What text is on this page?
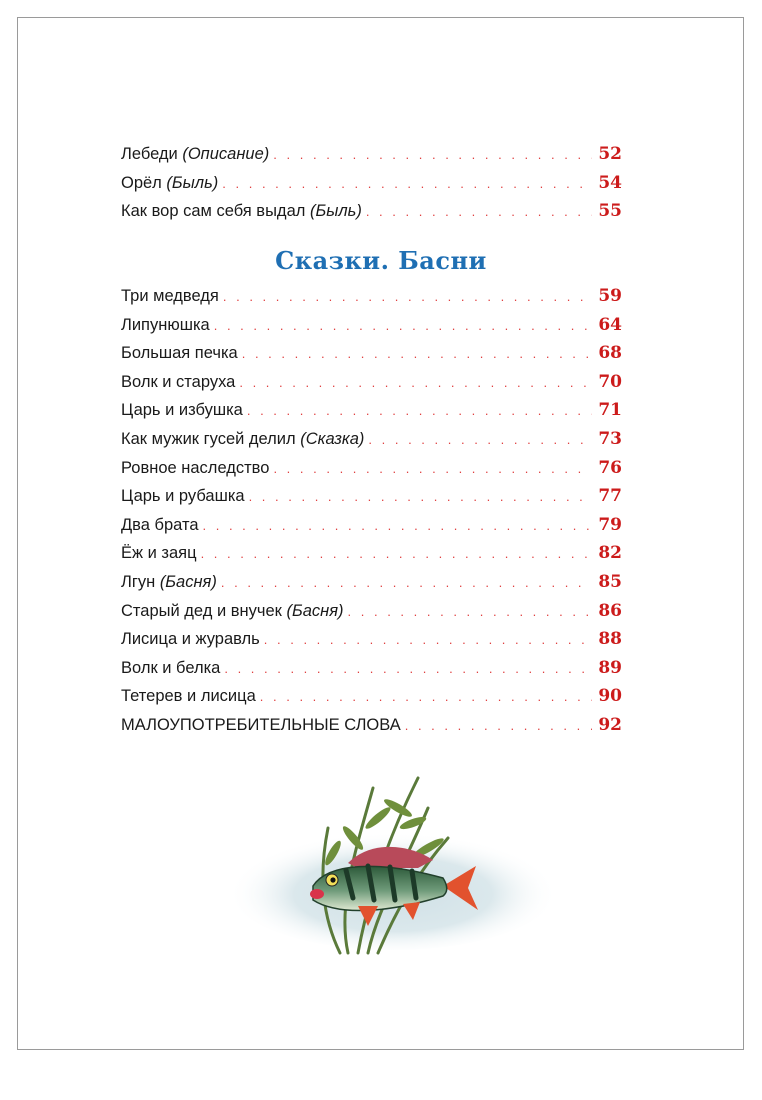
Лебеди (Описание) . . .	52
Орёл (Быль) . . .	54
Как вор сам себя выдал (Быль) . . .	55
Сказки. Басни
Три медведя . . .	59
Липунюшка . . .	64
Большая печка . . .	68
Волк и старуха . . .	70
Царь и избушка . . .	71
Как мужик гусей делил (Сказка) . . .	73
Ровное наследство . . .	76
Царь и рубашка . . .	77
Два брата . . .	79
Ёж и заяц . . .	82
Лгун (Басня) . . .	85
Старый дед и внучек (Басня) . . .	86
Лисица и журавль . . .	88
Волк и белка . . .	89
Тетерев и лисица . . .	90
МАЛОУПОТРЕБИТЕЛЬНЫЕ СЛОВА . . .	92
